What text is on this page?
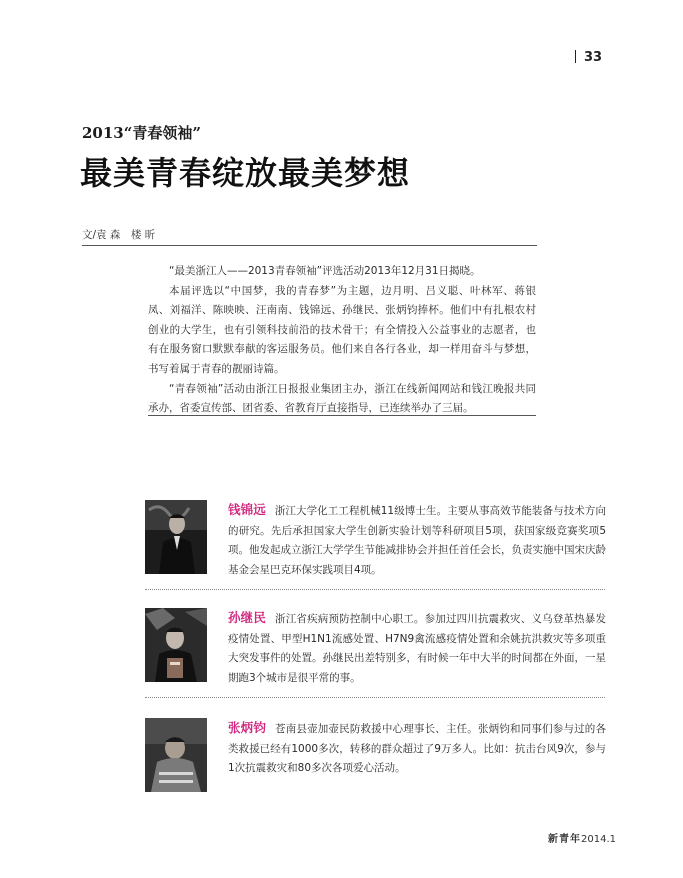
33
2013“青春领袖”
最美青春绽放最美梦想
文/袁 森　楼 昕

“最美浙江人——2013青春领袖”评选活动2013年12月31日揭晓。

本届评选以“中国梦，我的青春梦”为主题，边月明、吕义聪、叶林军、蒋银凤、刘福洋、陈映映、汪南南、钱锦远、孙继民、张炳钧捧杯。他们中有扎根农村创业的大学生，也有引领科技前沿的技术骨干；有全情投入公益事业的志愿者，也有在服务窗口默默奉献的客运服务员。他们来自各行各业，却一样用奋斗与梦想，书写着属于青春的靓丽诗篇。

“青春领袖”活动由浙江日报报业集团主办，浙江在线新闻网站和钱江晚报共同承办，省委宣传部、团省委、省教育厅直接指导，已连续举办了三届。

钱锦远 浙江大学化工工程机械11级博士生。主要从事高效节能装备与技术方向的研究。先后承担国家大学生创新实验计划等科研项目5项，获国家级竞赛奖项5项。他发起成立浙江大学学生节能减排协会并担任首任会长，负责实施中国宋庆龄基金会星巴克环保实践项目4项。
孙继民 浙江省疾病预防控制中心职工。参加过四川抗震救灾、义乌登革热暴发疫情处置、甲型H1N1流感处置、H7N9禽流感疫情处置和余姚抗洪救灾等多项重大突发事件的处置。孙继民出差特别多，有时候一年中大半的时间都在外面，一星期跑3个城市是很平常的事。
张炳钧 苍南县壶加壶民防救援中心理事长、主任。张炳钧和同事们参与过的各类救援已经有1000多次，转移的群众超过了9万多人。比如：抗击台风9次，参与1次抗震救灾和80多次各项爱心活动。
新青年2014.1
